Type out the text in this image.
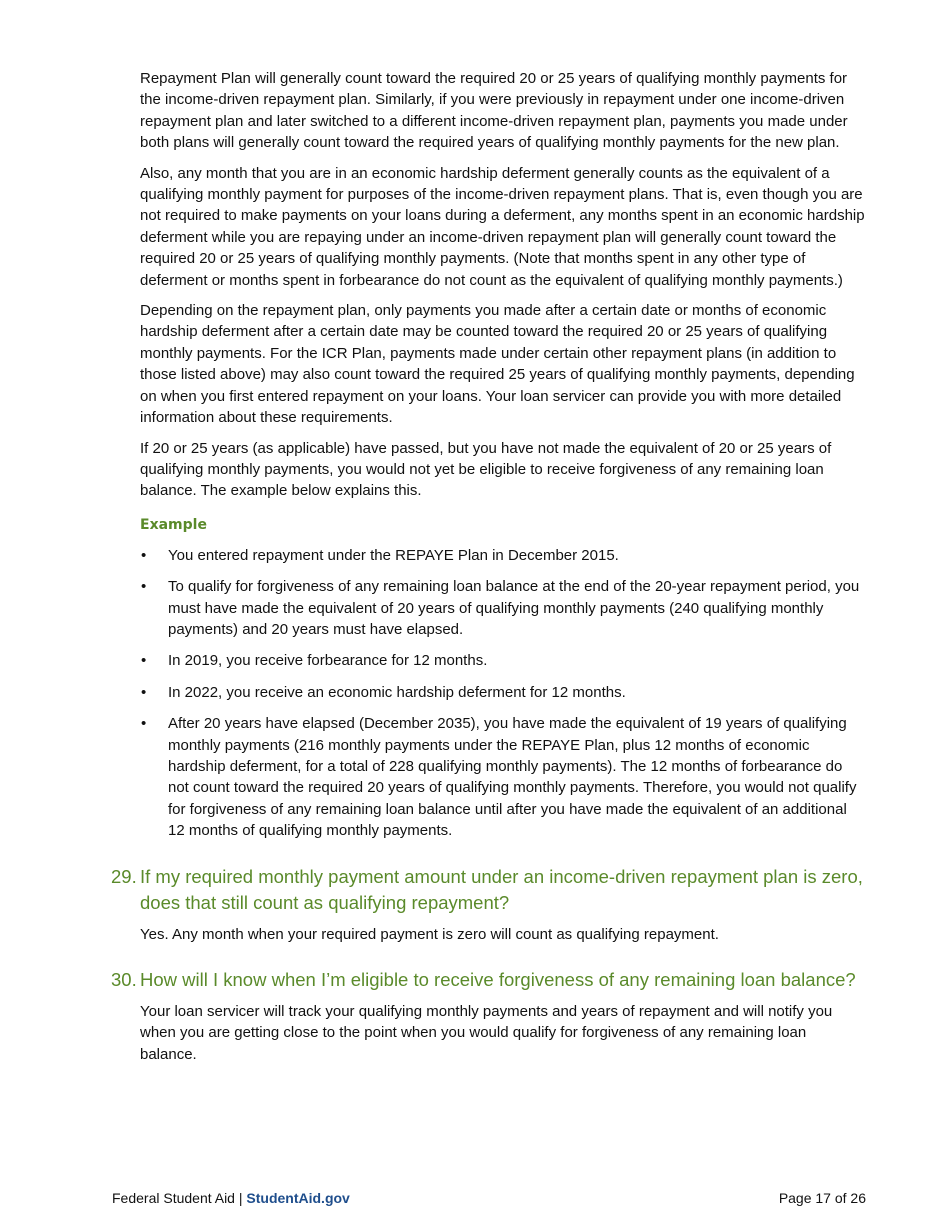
Repayment Plan will generally count toward the required 20 or 25 years of qualifying monthly payments for the income-driven repayment plan. Similarly, if you were previously in repayment under one income-driven repayment plan and later switched to a different income-driven repayment plan, payments you made under both plans will generally count toward the required years of qualifying monthly payments for the new plan.

Also, any month that you are in an economic hardship deferment generally counts as the equivalent of a qualifying monthly payment for purposes of the income-driven repayment plans. That is, even though you are not required to make payments on your loans during a deferment, any months spent in an economic hardship deferment while you are repaying under an income-driven repayment plan will generally count toward the required 20 or 25 years of qualifying monthly payments. (Note that months spent in any other type of deferment or months spent in forbearance do not count as the equivalent of qualifying monthly payments.)

Depending on the repayment plan, only payments you made after a certain date or months of economic hardship deferment after a certain date may be counted toward the required 20 or 25 years of qualifying monthly payments. For the ICR Plan, payments made under certain other repayment plans (in addition to those listed above) may also count toward the required 25 years of qualifying monthly payments, depending on when you first entered repayment on your loans. Your loan servicer can provide you with more detailed information about these requirements.

If 20 or 25 years (as applicable) have passed, but you have not made the equivalent of 20 or 25 years of qualifying monthly payments, you would not yet be eligible to receive forgiveness of any remaining loan balance. The example below explains this.

Example
• You entered repayment under the REPAYE Plan in December 2015.
• To qualify for forgiveness of any remaining loan balance at the end of the 20-year repayment period, you must have made the equivalent of 20 years of qualifying monthly payments (240 qualifying monthly payments) and 20 years must have elapsed.
• In 2019, you receive forbearance for 12 months.
• In 2022, you receive an economic hardship deferment for 12 months.
• After 20 years have elapsed (December 2035), you have made the equivalent of 19 years of qualifying monthly payments (216 monthly payments under the REPAYE Plan, plus 12 months of economic hardship deferment, for a total of 228 qualifying monthly payments). The 12 months of forbearance do not count toward the required 20 years of qualifying monthly payments. Therefore, you would not qualify for forgiveness of any remaining loan balance until after you have made the equivalent of an additional 12 months of qualifying monthly payments.
29. If my required monthly payment amount under an income-driven repayment plan is zero, does that still count as qualifying repayment?

Yes. Any month when your required payment is zero will count as qualifying repayment.

30. How will I know when I’m eligible to receive forgiveness of any remaining loan balance?

Your loan servicer will track your qualifying monthly payments and years of repayment and will notify you when you are getting close to the point when you would qualify for forgiveness of any remaining loan balance.

Federal Student Aid | StudentAid.gov	Page 17 of 26
